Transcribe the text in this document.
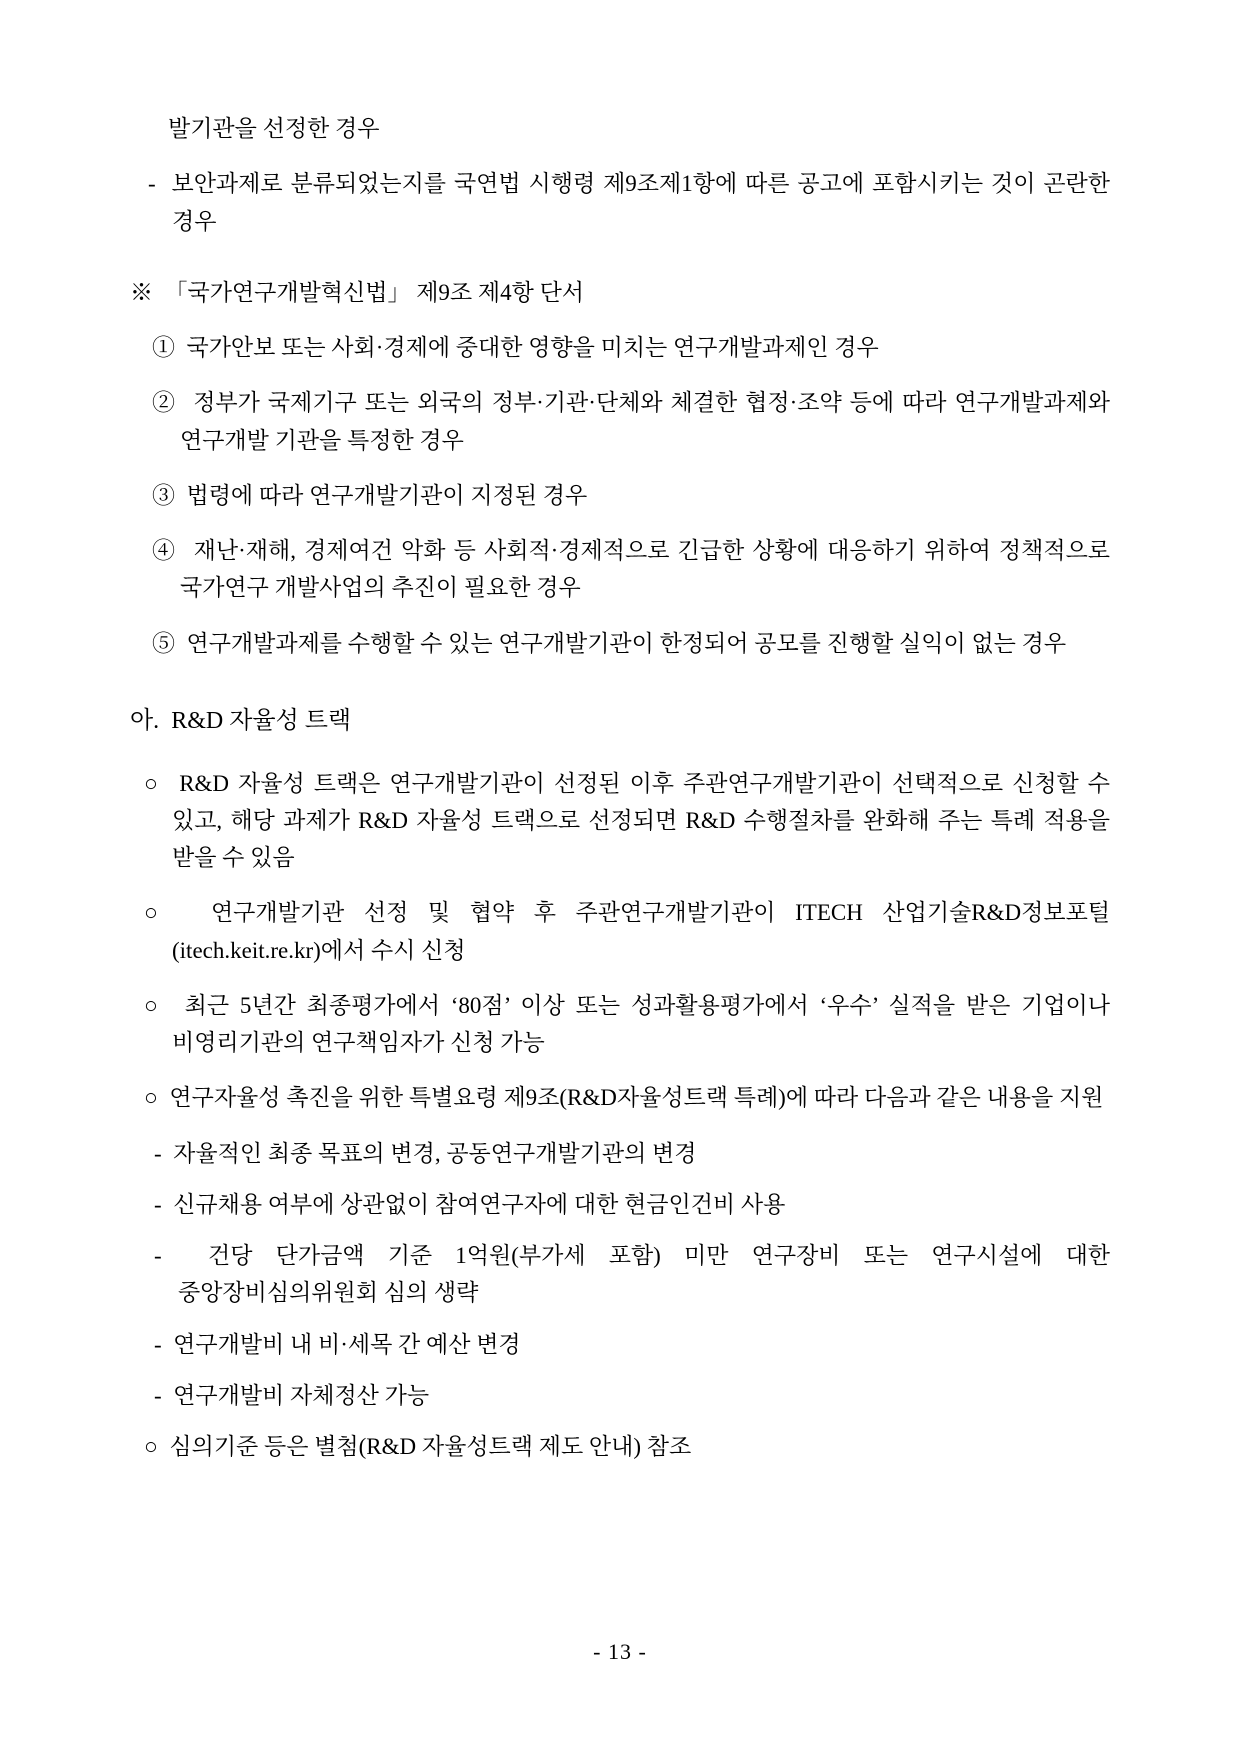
발기관을 선정한 경우

- 보안과제로 분류되었는지를 국연법 시행령 제9조제1항에 따른 공고에 포함시키는 것이 곤란한 경우

※ 「국가연구개발혁신법」 제9조 제4항 단서

① 국가안보 또는 사회·경제에 중대한 영향을 미치는 연구개발과제인 경우

② 정부가 국제기구 또는 외국의 정부·기관·단체와 체결한 협정·조약 등에 따라 연구개발과제와 연구개발 기관을 특정한 경우

③ 법령에 따라 연구개발기관이 지정된 경우

④ 재난·재해, 경제여건 악화 등 사회적·경제적으로 긴급한 상황에 대응하기 위하여 정책적으로 국가연구 개발사업의 추진이 필요한 경우

⑤ 연구개발과제를 수행할 수 있는 연구개발기관이 한정되어 공모를 진행할 실익이 없는 경우

아. R&D 자율성 트랙

○ R&D 자율성 트랙은 연구개발기관이 선정된 이후 주관연구개발기관이 선택적으로 신청할 수 있고, 해당 과제가 R&D 자율성 트랙으로 선정되면 R&D 수행절차를 완화해 주는 특례 적용을 받을 수 있음

○ 연구개발기관 선정 및 협약 후 주관연구개발기관이 ITECH 산업기술R&D정보포털(itech.keit.re.kr)에서 수시 신청

○ 최근 5년간 최종평가에서 ‘80점’ 이상 또는 성과활용평가에서 ‘우수’ 실적을 받은 기업이나 비영리기관의 연구책임자가 신청 가능

○ 연구자율성 촉진을 위한 특별요령 제9조(R&D자율성트랙 특례)에 따라 다음과 같은 내용을 지원

- 자율적인 최종 목표의 변경, 공동연구개발기관의 변경

- 신규채용 여부에 상관없이 참여연구자에 대한 현금인건비 사용

- 건당 단가금액 기준 1억원(부가세 포함) 미만 연구장비 또는 연구시설에 대한 중앙장비심의위원회 심의 생략

- 연구개발비 내 비·세목 간 예산 변경

- 연구개발비 자체정산 가능

○ 심의기준 등은 별첨(R&D 자율성트랙 제도 안내) 참조

- 13 -
